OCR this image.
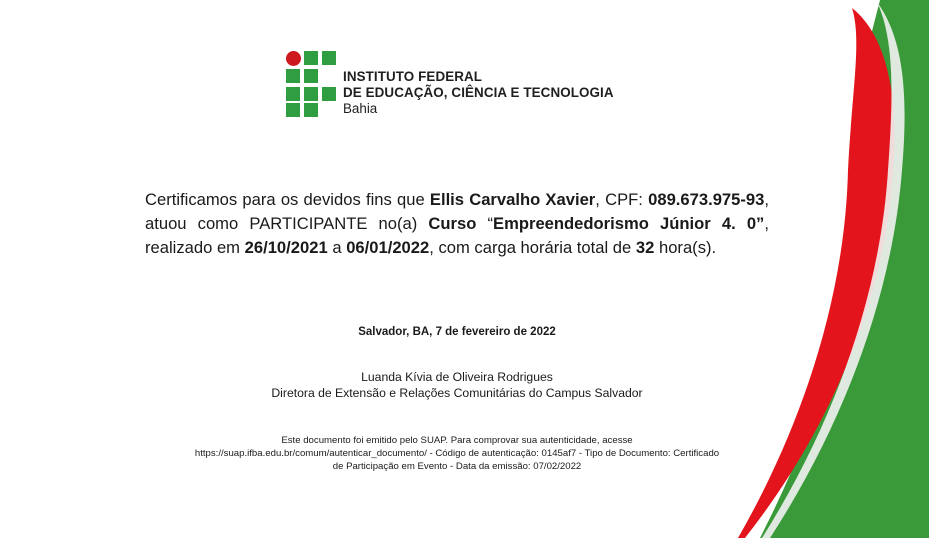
INSTITUTO FEDERAL
DE EDUCAÇÃO, CIÊNCIA E TECNOLOGIA
Bahia
Certificamos para os devidos fins que Ellis Carvalho Xavier, CPF: 089.673.975-93, atuou como PARTICIPANTE no(a) Curso “Empreendedorismo Júnior 4. 0”, realizado em 26/10/2021 a 06/01/2022, com carga horária total de 32 hora(s).
Salvador, BA, 7 de fevereiro de 2022
Luanda Kívia de Oliveira Rodrigues
Diretora de Extensão e Relações Comunitárias do Campus Salvador
Este documento foi emitido pelo SUAP. Para comprovar sua autenticidade, acesse
https://suap.ifba.edu.br/comum/autenticar_documento/ - Código de autenticação: 0145af7 - Tipo de Documento: Certificado
de Participação em Evento - Data da emissão: 07/02/2022
